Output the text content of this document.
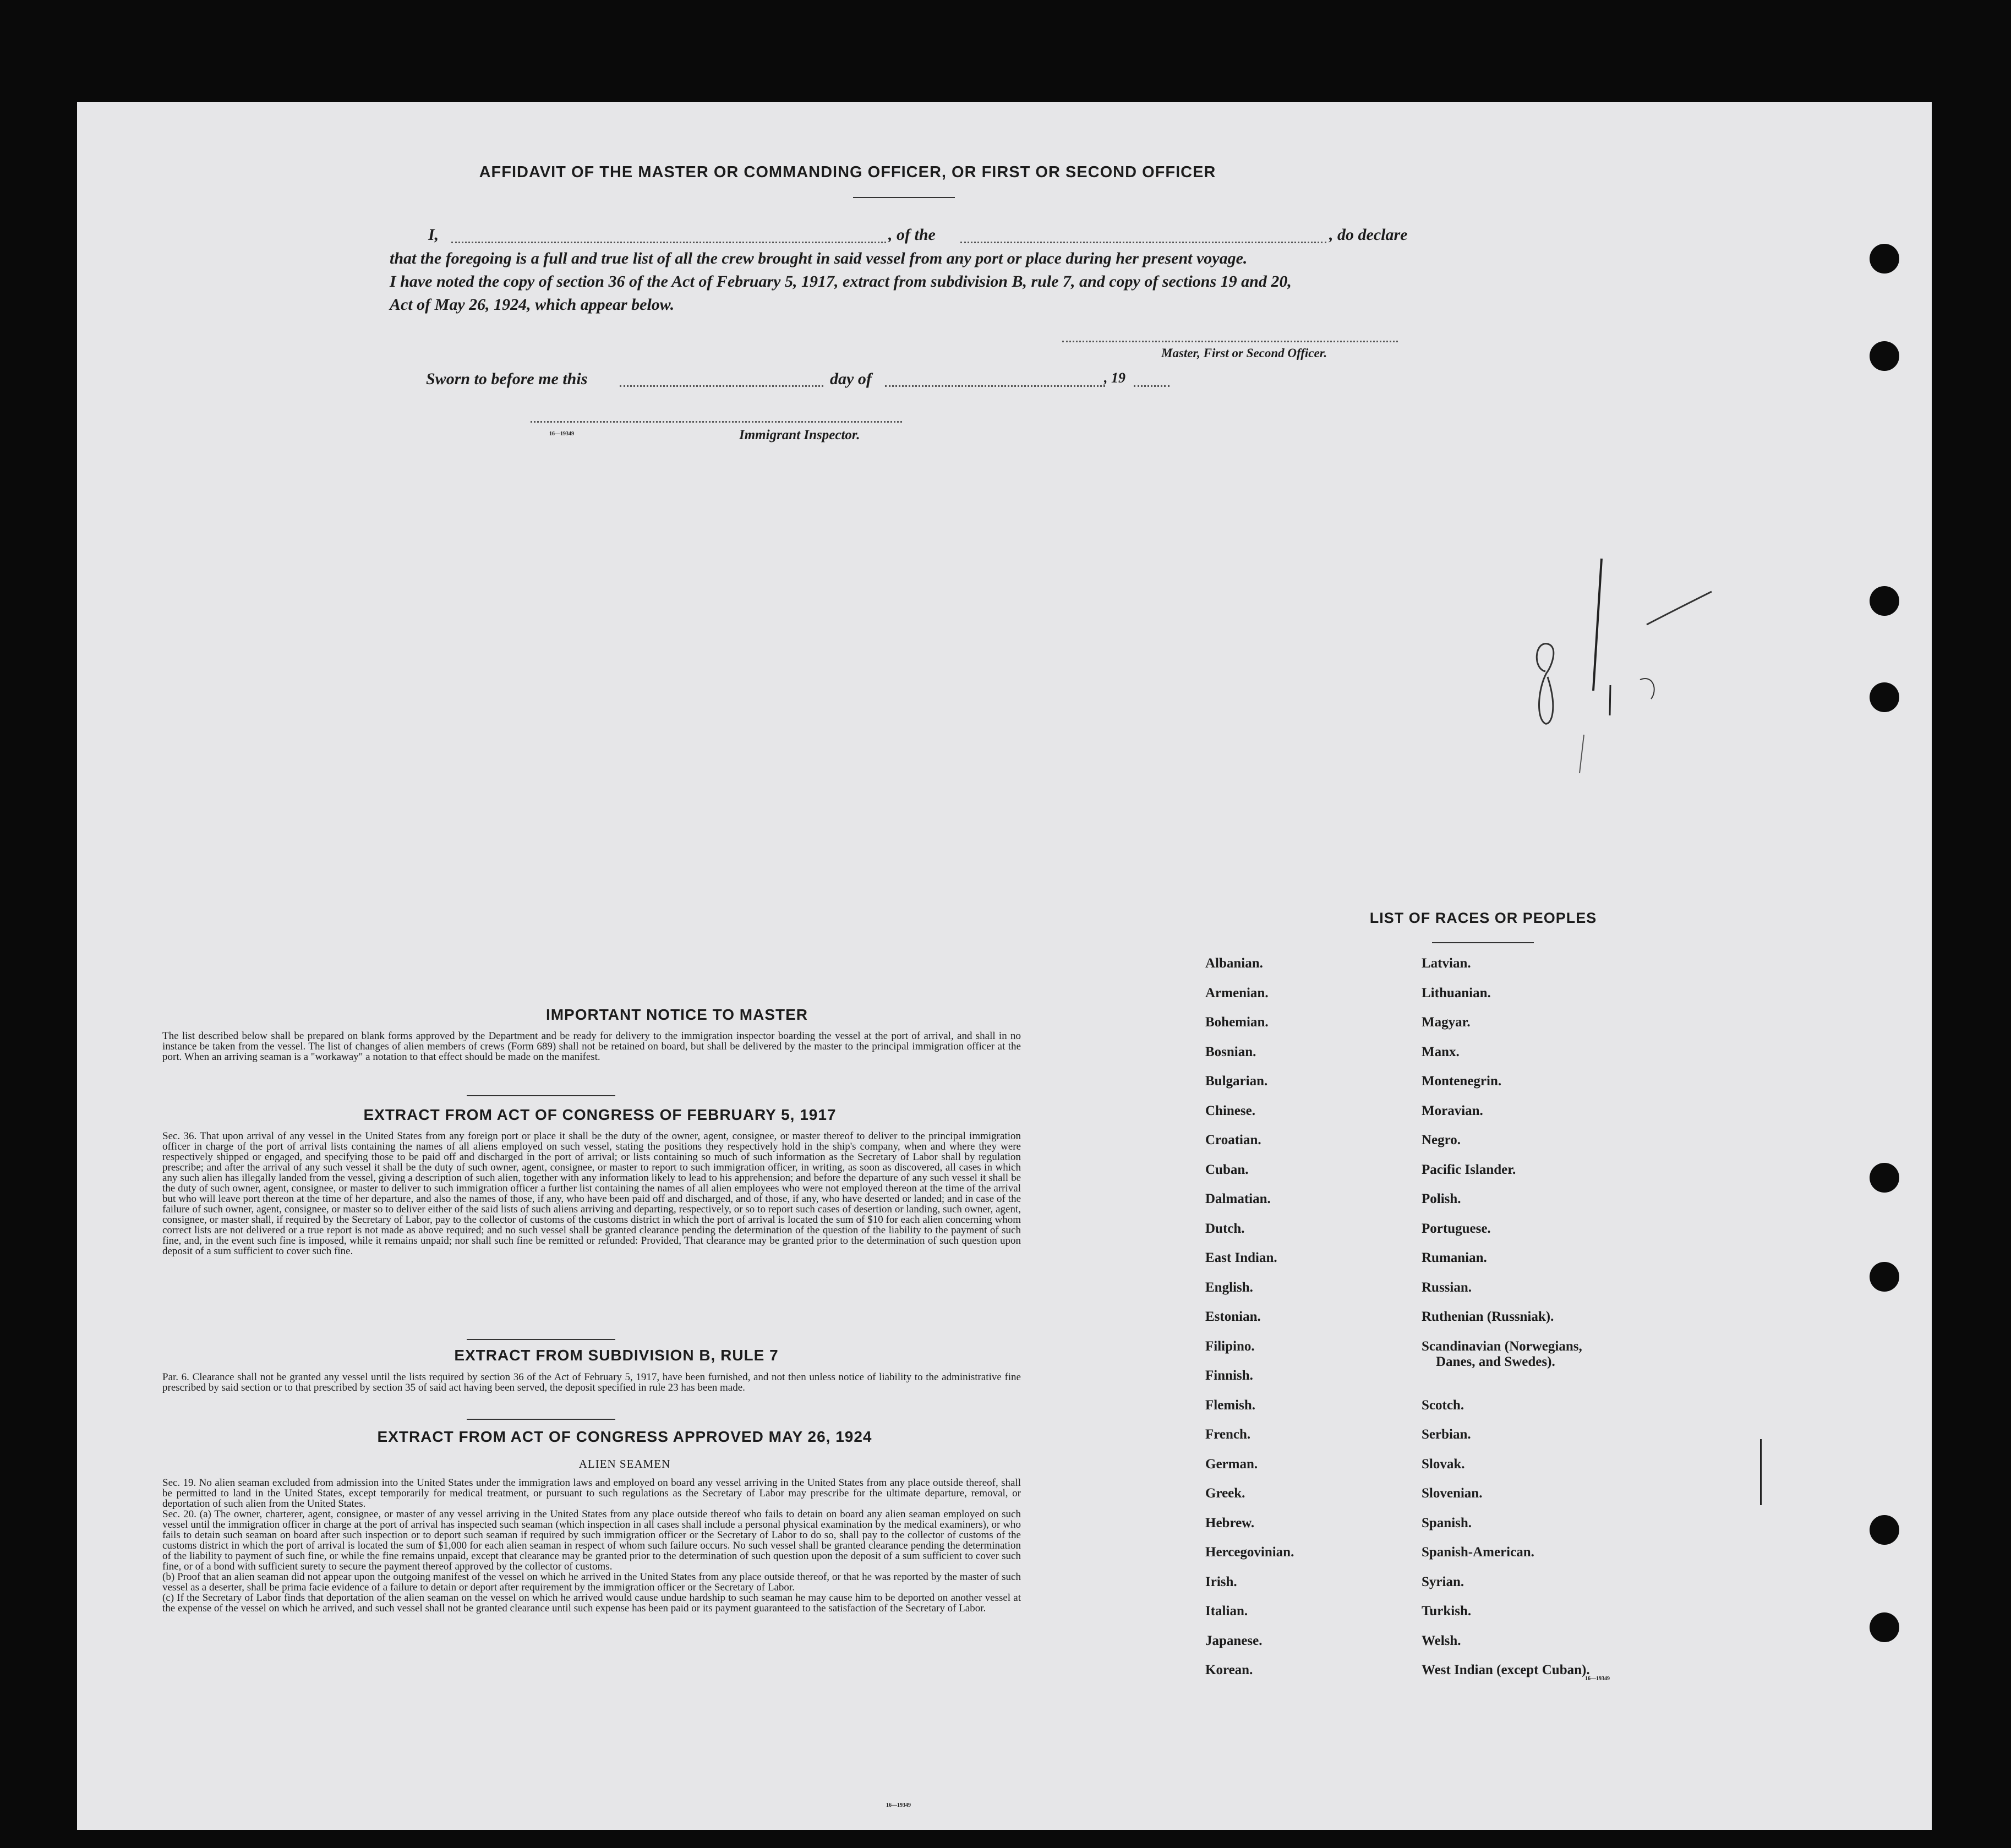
AFFIDAVIT OF THE MASTER OR COMMANDING OFFICER, OR FIRST OR SECOND OFFICER
I,	, of the	, do declare
that the foregoing is a full and true list of all the crew brought in said vessel from any port or place during her present voyage.
I have noted the copy of section 36 of the Act of February 5, 1917, extract from subdivision B, rule 7, and copy of sections 19 and 20,
Act of May 26, 1924, which appear below.
Master, First or Second Officer.
Sworn to before me this	day of	, 19
16—19349	Immigrant Inspector.
IMPORTANT NOTICE TO MASTER
The list described below shall be prepared on blank forms approved by the Department and be ready for delivery to the immigration inspector boarding the vessel at the port of arrival, and shall in no instance be taken from the vessel. The list of changes of alien members of crews (Form 689) shall not be retained on board, but shall be delivered by the master to the principal immigration officer at the port. When an arriving seaman is a "workaway" a notation to that effect should be made on the manifest.
EXTRACT FROM ACT OF CONGRESS OF FEBRUARY 5, 1917
Sec. 36. That upon arrival of any vessel in the United States from any foreign port or place it shall be the duty of the owner, agent, consignee, or master thereof to deliver to the principal immigration officer in charge of the port of arrival lists containing the names of all aliens employed on such vessel, stating the positions they respectively hold in the ship's company, when and where they were respectively shipped or engaged, and specifying those to be paid off and discharged in the port of arrival; or lists containing so much of such information as the Secretary of Labor shall by regulation prescribe; and after the arrival of any such vessel it shall be the duty of such owner, agent, consignee, or master to report to such immigration officer, in writing, as soon as discovered, all cases in which any such alien has illegally landed from the vessel, giving a description of such alien, together with any information likely to lead to his apprehension; and before the departure of any such vessel it shall be the duty of such owner, agent, consignee, or master to deliver to such immigration officer a further list containing the names of all alien employees who were not employed thereon at the time of the arrival but who will leave port thereon at the time of her departure, and also the names of those, if any, who have been paid off and discharged, and of those, if any, who have deserted or landed; and in case of the failure of such owner, agent, consignee, or master so to deliver either of the said lists of such aliens arriving and departing, respectively, or so to report such cases of desertion or landing, such owner, agent, consignee, or master shall, if required by the Secretary of Labor, pay to the collector of customs of the customs district in which the port of arrival is located the sum of $10 for each alien concerning whom correct lists are not delivered or a true report is not made as above required; and no such vessel shall be granted clearance pending the determination of the question of the liability to the payment of such fine, and, in the event such fine is imposed, while it remains unpaid; nor shall such fine be remitted or refunded: Provided, That clearance may be granted prior to the determination of such question upon deposit of a sum sufficient to cover such fine.
EXTRACT FROM SUBDIVISION B, RULE 7
Par. 6. Clearance shall not be granted any vessel until the lists required by section 36 of the Act of February 5, 1917, have been furnished, and not then unless notice of liability to the administrative fine prescribed by said section or to that prescribed by section 35 of said act having been served, the deposit specified in rule 23 has been made.
EXTRACT FROM ACT OF CONGRESS APPROVED MAY 26, 1924
ALIEN SEAMEN
Sec. 19. No alien seaman excluded from admission into the United States under the immigration laws and employed on board any vessel arriving in the United States from any place outside thereof, shall be permitted to land in the United States, except temporarily for medical treatment, or pursuant to such regulations as the Secretary of Labor may prescribe for the ultimate departure, removal, or deportation of such alien from the United States.
Sec. 20. (a) The owner, charterer, agent, consignee, or master of any vessel arriving in the United States from any place outside thereof who fails to detain on board any alien seaman employed on such vessel until the immigration officer in charge at the port of arrival has inspected such seaman (which inspection in all cases shall include a personal physical examination by the medical examiners), or who fails to detain such seaman on board after such inspection or to deport such seaman if required by such immigration officer or the Secretary of Labor to do so, shall pay to the collector of customs of the customs district in which the port of arrival is located the sum of $1,000 for each alien seaman in respect of whom such failure occurs. No such vessel shall be granted clearance pending the determination of the liability to payment of such fine, or while the fine remains unpaid, except that clearance may be granted prior to the determination of such question upon the deposit of a sum sufficient to cover such fine, or of a bond with sufficient surety to secure the payment thereof approved by the collector of customs.
(b) Proof that an alien seaman did not appear upon the outgoing manifest of the vessel on which he arrived in the United States from any place outside thereof, or that he was reported by the master of such vessel as a deserter, shall be prima facie evidence of a failure to detain or deport after requirement by the immigration officer or the Secretary of Labor.
(c) If the Secretary of Labor finds that deportation of the alien seaman on the vessel on which he arrived would cause undue hardship to such seaman he may cause him to be deported on another vessel at the expense of the vessel on which he arrived, and such vessel shall not be granted clearance until such expense has been paid or its payment guaranteed to the satisfaction of the Secretary of Labor.
16—19349
LIST OF RACES OR PEOPLES
Albanian.
Armenian.
Bohemian.
Bosnian.
Bulgarian.
Chinese.
Croatian.
Cuban.
Dalmatian.
Dutch.
East Indian.
English.
Estonian.
Filipino.
Finnish.
Flemish.
French.
German.
Greek.
Hebrew.
Hercegovinian.
Irish.
Italian.
Japanese.
Korean.
Latvian.
Lithuanian.
Magyar.
Manx.
Montenegrin.
Moravian.
Negro.
Pacific Islander.
Polish.
Portuguese.
Rumanian.
Russian.
Ruthenian (Russniak).
Scandinavian (Norwegians,
Danes, and Swedes).
Scotch.
Serbian.
Slovak.
Slovenian.
Spanish.
Spanish-American.
Syrian.
Turkish.
Welsh.
West Indian (except Cuban).
16—19349
